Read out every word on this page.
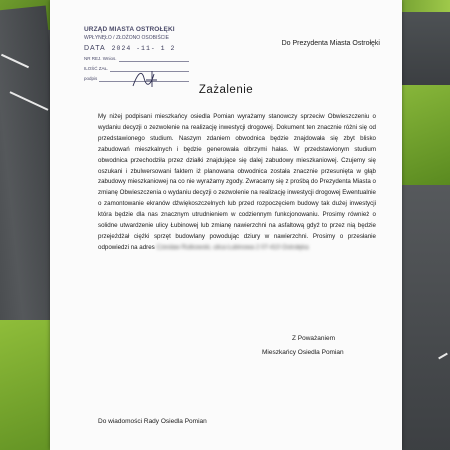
URZĄD MIASTA OSTROŁĘKI
WPŁYNĘŁO / ZŁOŻONO OSOBIŚCIE
DATA 2024 -11- 1 2
NR REJ. Wnios.
ILOŚĆ ZAŁ.
podpis
Do Prezydenta Miasta Ostrołęki
Zażalenie
My niżej podpisani mieszkańcy osiedla Pomian wyrażamy stanowczy sprzeciw Obwieszczeniu o wydaniu decyzji o zezwolenie na realizację inwestycji drogowej. Dokument ten znacznie różni się od przedstawionego studium. Naszym zdaniem obwodnica będzie znajdowała się zbyt blisko zabudowań mieszkalnych i będzie generowała olbrzymi hałas. W przedstawionym studium obwodnica przechodziła przez działki znajdujące się dalej zabudowy mieszkaniowej. Czujemy się oszukani i zbulwersowani faktem iż planowana obwodnica została znacznie przesunięta w głąb zabudowy mieszkaniowej na co nie wyrażamy zgody. Zwracamy się z prośbą do Prezydenta Miasta o zmianę Obwieszczenia o wydaniu decyzji o zezwolenie na realizację inwestycji drogowej Ewentualnie o zamontowanie ekranów dźwiękoszczelnych lub przed rozpoczęciem budowy tak dużej inwestycji która będzie dla nas znacznym utrudnieniem w codziennym funkcjonowaniu. Prosimy również o solidne utwardzenie ulicy Łubinowej lub zmianę nawierzchni na asfaltową gdyż to przez nią będzie przejeżdżał ciężki sprzęt budowlany powodując dziury w nawierzchni. Prosimy o przesłanie odpowiedzi na adres Czesław Rutkowski, ulica Łubinowa 2 07-410 Ostrołęka
Z Poważaniem
Mieszkańcy Osiedla Pomian
Do wiadomości Rady Osiedla Pomian
